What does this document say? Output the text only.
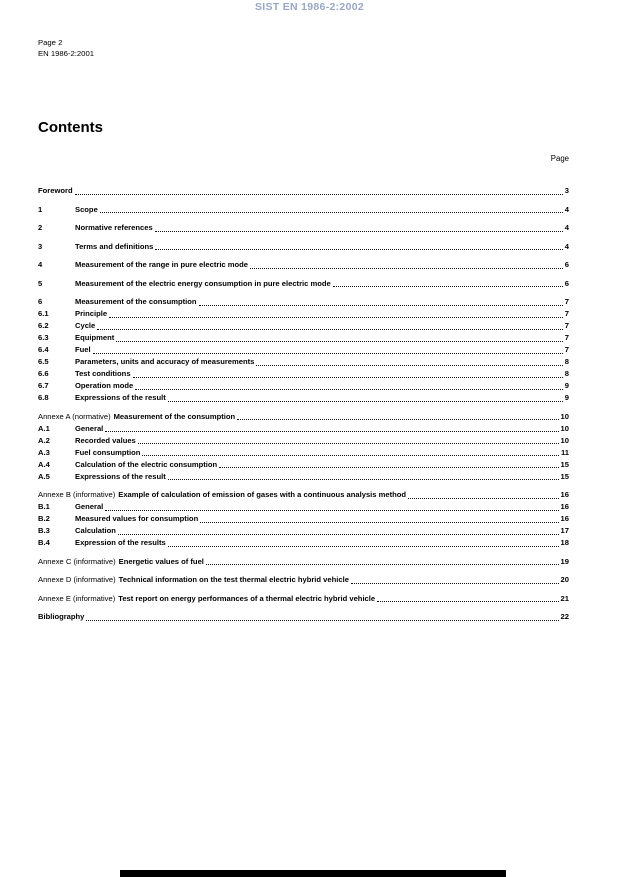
SIST EN 1986-2:2002
Page 2
EN 1986-2:2001
Contents
Page
Foreword	3
1	Scope	4
2	Normative references	4
3	Terms and definitions	4
4	Measurement of the range in pure electric mode	6
5	Measurement of the electric energy consumption in pure electric mode	6
6	Measurement of the consumption	7
6.1	Principle	7
6.2	Cycle	7
6.3	Equipment	7
6.4	Fuel	7
6.5	Parameters, units and accuracy of measurements	8
6.6	Test conditions	8
6.7	Operation mode	9
6.8	Expressions of the result	9
Annexe A (normative) Measurement of the consumption	10
A.1	General	10
A.2	Recorded values	10
A.3	Fuel consumption	11
A.4	Calculation of the electric consumption	15
A.5	Expressions of the result	15
Annexe B (informative) Example of calculation of emission of gases with a continuous analysis method	16
B.1	General	16
B.2	Measured values for consumption	16
B.3	Calculation	17
B.4	Expression of the results	18
Annexe C (informative) Energetic values of fuel	19
Annexe D (informative) Technical information on the test thermal electric hybrid vehicle	20
Annexe E (informative) Test report on energy performances of a thermal electric hybrid vehicle	21
Bibliography	22
